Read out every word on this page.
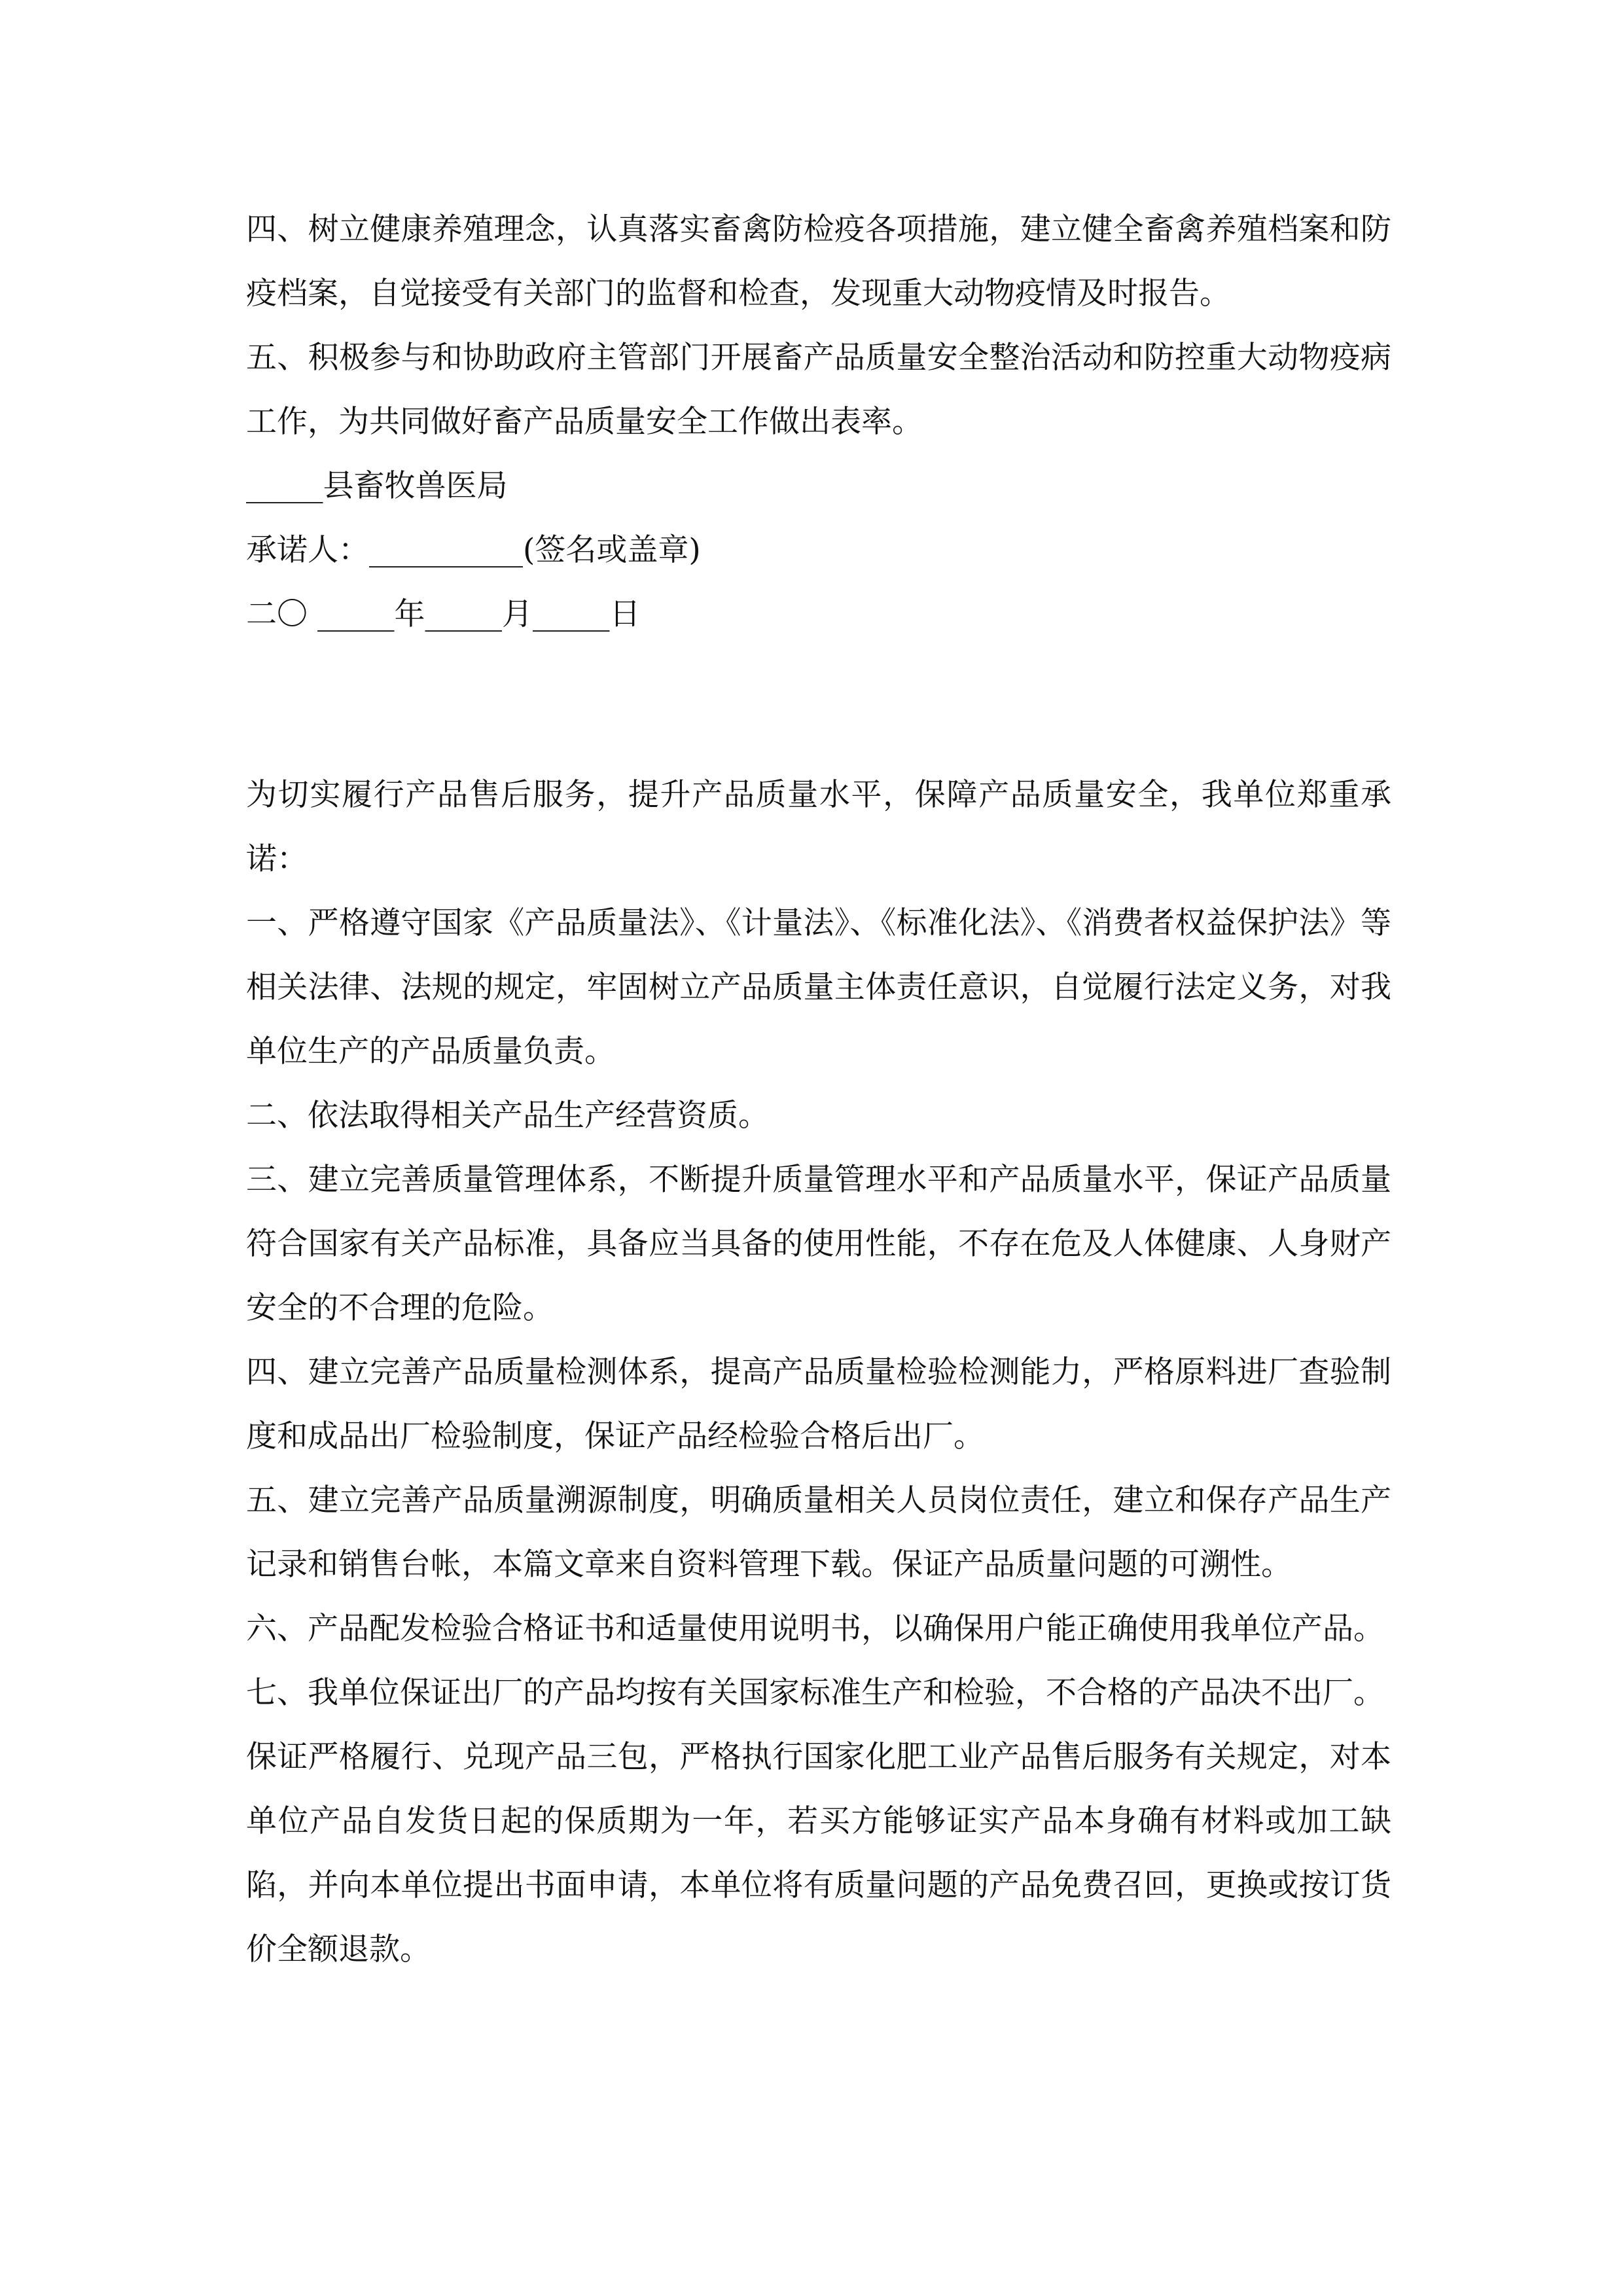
四、树立健康养殖理念，认真落实畜禽防检疫各项措施，建立健全畜禽养殖档案和防疫档案，自觉接受有关部门的监督和检查，发现重大动物疫情及时报告。

五、积极参与和协助政府主管部门开展畜产品质量安全整治活动和防控重大动物疫病工作，为共同做好畜产品质量安全工作做出表率。

_____县畜牧兽医局

承诺人：__________(签名或盖章)

二〇 _____年_____月_____日

为切实履行产品售后服务，提升产品质量水平，保障产品质量安全，我单位郑重承诺：

一、严格遵守国家《产品质量法》、《计量法》、《标准化法》、《消费者权益保护法》等相关法律、法规的规定，牢固树立产品质量主体责任意识，自觉履行法定义务，对我单位生产的产品质量负责。

二、依法取得相关产品生产经营资质。

三、建立完善质量管理体系，不断提升质量管理水平和产品质量水平，保证产品质量符合国家有关产品标准，具备应当具备的使用性能，不存在危及人体健康、人身财产安全的不合理的危险。

四、建立完善产品质量检测体系，提高产品质量检验检测能力，严格原料进厂查验制度和成品出厂检验制度，保证产品经检验合格后出厂。

五、建立完善产品质量溯源制度，明确质量相关人员岗位责任，建立和保存产品生产记录和销售台帐，本篇文章来自资料管理下载。保证产品质量问题的可溯性。

六、产品配发检验合格证书和适量使用说明书，以确保用户能正确使用我单位产品。

七、我单位保证出厂的产品均按有关国家标准生产和检验，不合格的产品决不出厂。

保证严格履行、兑现产品三包，严格执行国家化肥工业产品售后服务有关规定，对本单位产品自发货日起的保质期为一年，若买方能够证实产品本身确有材料或加工缺陷，并向本单位提出书面申请，本单位将有质量问题的产品免费召回，更换或按订货价全额退款。
